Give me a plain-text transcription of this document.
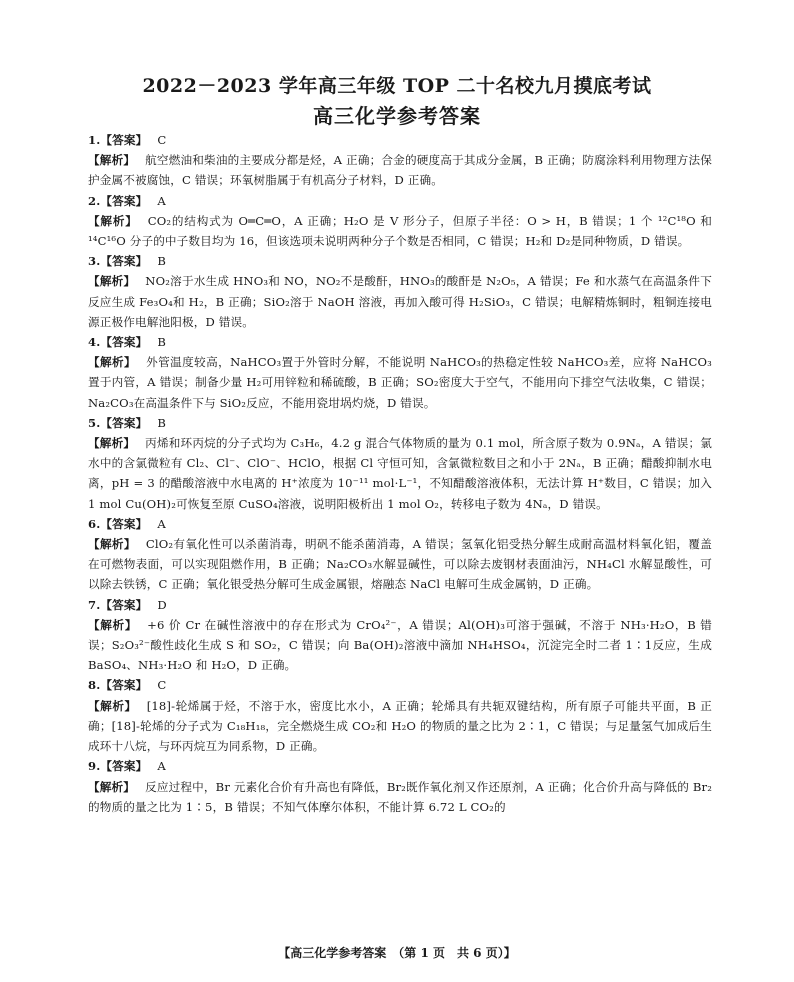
2022－2023 学年高三年级 TOP 二十名校九月摸底考试
高三化学参考答案
1.【答案】 C
【解析】 航空燃油和柴油的主要成分都是烃，A 正确；合金的硬度高于其成分金属，B 正确；防腐涂料利用物理方法保护金属不被腐蚀，C 错误；环氧树脂属于有机高分子材料，D 正确。
2.【答案】 A
【解析】 CO₂的结构式为 O═C═O，A 正确；H₂O 是 V 形分子，但原子半径：O > H，B 错误；1 个 ¹²C¹⁸O 和 ¹⁴C¹⁶O 分子的中子数目均为 16，但该选项未说明两种分子个数是否相同，C 错误；H₂和 D₂是同种物质，D 错误。
3.【答案】 B
【解析】 NO₂溶于水生成 HNO₃和 NO，NO₂不是酸酐，HNO₃的酸酐是 N₂O₅，A 错误；Fe 和水蒸气在高温条件下反应生成 Fe₃O₄和 H₂，B 正确；SiO₂溶于 NaOH 溶液，再加入酸可得 H₂SiO₃，C 错误；电解精炼铜时，粗铜连接电源正极作电解池阳极，D 错误。
4.【答案】 B
【解析】 外管温度较高，NaHCO₃置于外管时分解，不能说明 NaHCO₃的热稳定性较 NaHCO₃差，应将 NaHCO₃置于内管，A 错误；制备少量 H₂可用锌粒和稀硫酸，B 正确；SO₂密度大于空气，不能用向下排空气法收集，C 错误；Na₂CO₃在高温条件下与 SiO₂反应，不能用瓷坩埚灼烧，D 错误。
5.【答案】 B
【解析】 丙烯和环丙烷的分子式均为 C₃H₆，4.2 g 混合气体物质的量为 0.1 mol，所含原子数为 0.9Nₐ，A 错误；氯水中的含氯微粒有 Cl₂、Cl⁻、ClO⁻、HClO，根据 Cl 守恒可知，含氯微粒数目之和小于 2Nₐ，B 正确；醋酸抑制水电离，pH = 3 的醋酸溶液中水电离的 H⁺浓度为 10⁻¹¹ mol·L⁻¹，不知醋酸溶液体积，无法计算 H⁺数目，C 错误；加入 1 mol Cu(OH)₂可恢复至原 CuSO₄溶液，说明阳极析出 1 mol O₂，转移电子数为 4Nₐ，D 错误。
6.【答案】 A
【解析】 ClO₂有氧化性可以杀菌消毒，明矾不能杀菌消毒，A 错误；氢氧化铝受热分解生成耐高温材料氧化铝，覆盖在可燃物表面，可以实现阻燃作用，B 正确；Na₂CO₃水解显碱性，可以除去废钢材表面油污，NH₄Cl 水解显酸性，可以除去铁锈，C 正确；氧化银受热分解可生成金属银，熔融态 NaCl 电解可生成金属钠，D 正确。
7.【答案】 D
【解析】 +6 价 Cr 在碱性溶液中的存在形式为 CrO₄²⁻，A 错误；Al(OH)₃可溶于强碱，不溶于 NH₃·H₂O，B 错误；S₂O₃²⁻酸性歧化生成 S 和 SO₂，C 错误；向 Ba(OH)₂溶液中滴加 NH₄HSO₄，沉淀完全时二者 1∶1反应，生成 BaSO₄、NH₃·H₂O 和 H₂O，D 正确。
8.【答案】 C
【解析】 [18]-轮烯属于烃，不溶于水，密度比水小，A 正确；轮烯具有共轭双键结构，所有原子可能共平面，B 正确；[18]-轮烯的分子式为 C₁₈H₁₈，完全燃烧生成 CO₂和 H₂O 的物质的量之比为 2∶1，C 错误；与足量氢气加成后生成环十八烷，与环丙烷互为同系物，D 正确。
9.【答案】 A
【解析】 反应过程中，Br 元素化合价有升高也有降低，Br₂既作氧化剂又作还原剂，A 正确；化合价升高与降低的 Br₂的物质的量之比为 1∶5，B 错误；不知气体摩尔体积，不能计算 6.72 L CO₂的
【高三化学参考答案　（第 1 页　共 6 页）】
